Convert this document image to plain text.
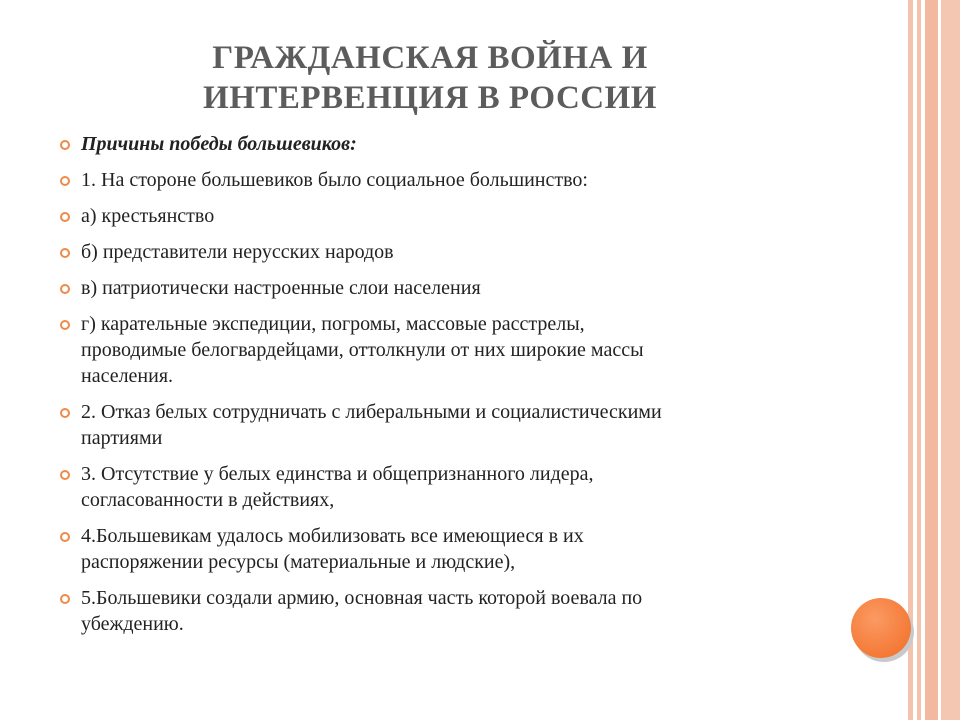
ГРАЖДАНСКАЯ ВОЙНА И
ИНТЕРВЕНЦИЯ В РОССИИ
Причины победы большевиков:
1. На стороне большевиков было социальное большинство:
а) крестьянство
б) представители нерусских народов
в) патриотически настроенные слои населения
г) карательные экспедиции, погромы, массовые расстрелы,
проводимые белогвардейцами, оттолкнули от них широкие массы
населения.
2. Отказ белых сотрудничать с либеральными и социалистическими
партиями
3. Отсутствие у белых единства и общепризнанного лидера,
согласованности в действиях,
4.Большевикам удалось мобилизовать все имеющиеся в их
распоряжении ресурсы (материальные и людские),
5.Большевики создали армию, основная часть которой воевала по
убеждению.
